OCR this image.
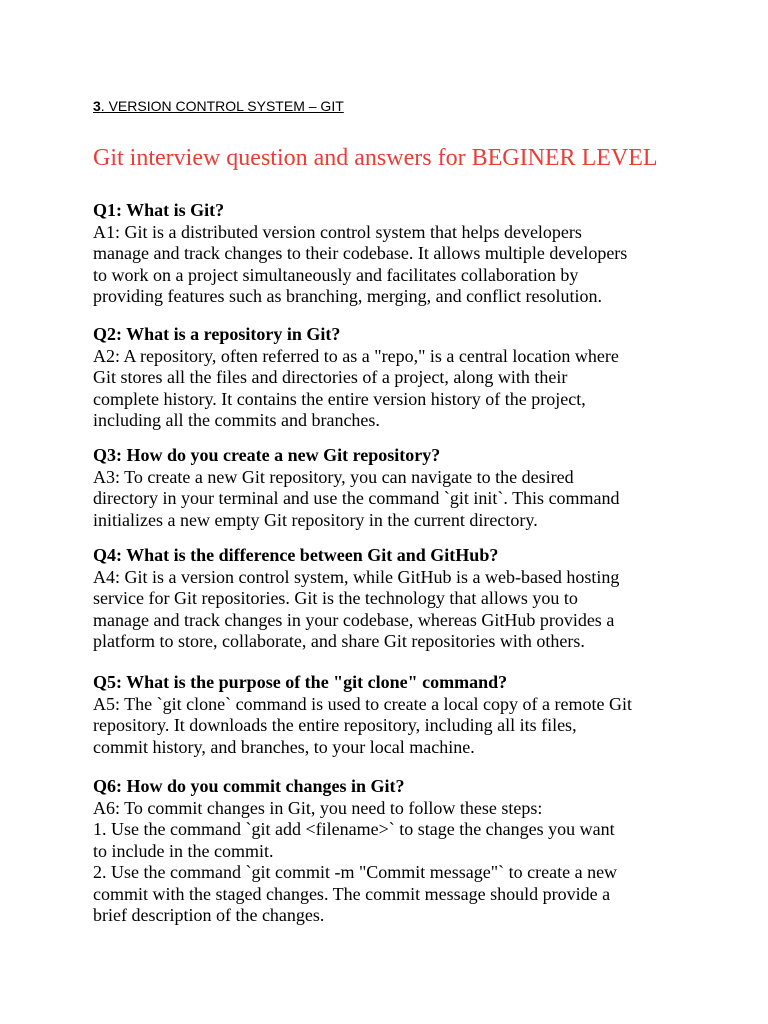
3. VERSION CONTROL SYSTEM – GIT
Git interview question and answers for BEGINER LEVEL
Q1: What is Git?
A1: Git is a distributed version control system that helps developers
manage and track changes to their codebase. It allows multiple developers
to work on a project simultaneously and facilitates collaboration by
providing features such as branching, merging, and conflict resolution.
Q2: What is a repository in Git?
A2: A repository, often referred to as a "repo," is a central location where
Git stores all the files and directories of a project, along with their
complete history. It contains the entire version history of the project,
including all the commits and branches.
Q3: How do you create a new Git repository?
A3: To create a new Git repository, you can navigate to the desired
directory in your terminal and use the command `git init`. This command
initializes a new empty Git repository in the current directory.
Q4: What is the difference between Git and GitHub?
A4: Git is a version control system, while GitHub is a web-based hosting
service for Git repositories. Git is the technology that allows you to
manage and track changes in your codebase, whereas GitHub provides a
platform to store, collaborate, and share Git repositories with others.
Q5: What is the purpose of the "git clone" command?
A5: The `git clone` command is used to create a local copy of a remote Git
repository. It downloads the entire repository, including all its files,
commit history, and branches, to your local machine.
Q6: How do you commit changes in Git?
A6: To commit changes in Git, you need to follow these steps:
1. Use the command `git add <filename>` to stage the changes you want
to include in the commit.
2. Use the command `git commit -m "Commit message"` to create a new
commit with the staged changes. The commit message should provide a
brief description of the changes.
